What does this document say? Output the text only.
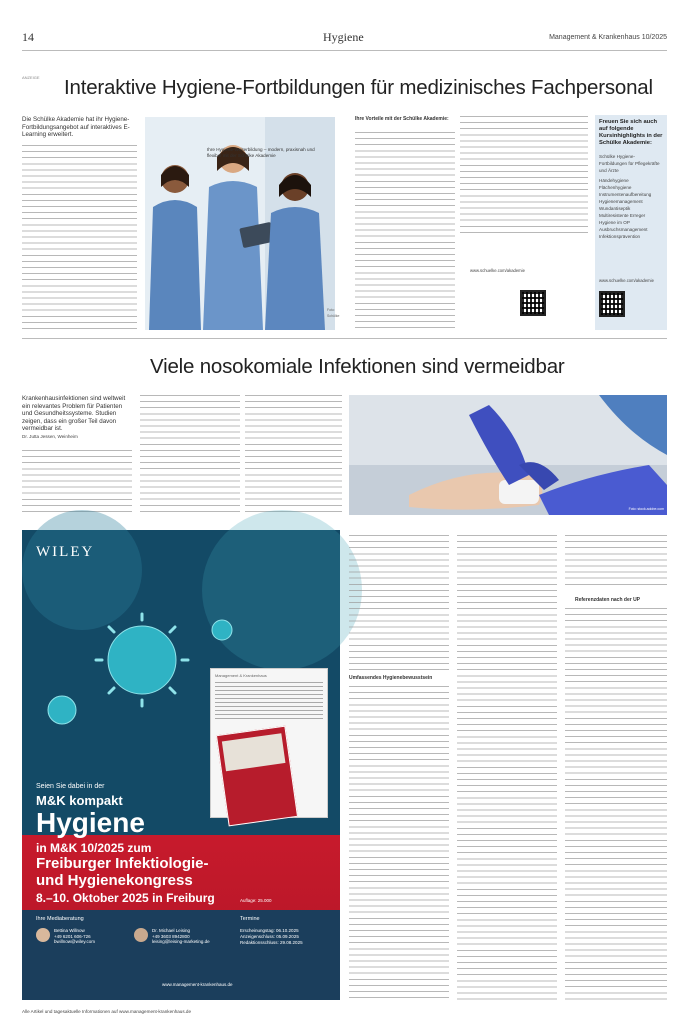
14	Hygiene	Management & Krankenhaus 10/2025
ANZEIGE Interaktive Hygiene-Fortbildungen für medizinisches Fachpersonal
Die Schülke Akademie hat ihr Hygiene-Fortbildungsangebot auf interaktives E-Learning erweitert.
Ihre Hygiene-Weiterbildung – modern, praxisnah und flexibel mit der Schülke Akademie
Foto: Schülke
Ihre Vorteile mit der Schülke Akademie:
www.schuelke.com/akademie
Freuen Sie sich auch auf folgende Kursinhighlights in der Schülke Akademie:
Schülke Hygiene-Fortbildungen für Pflegekräfte und Ärzte
Händehygiene
Flächenhygiene
Instrumentenaufbereitung
Hygienemanagement
Wundantiseptik
Multiresistente Erreger
Hygiene im OP
Ausbruchsmanagement
Infektionsprävention
www.schuelke.com/akademie
Viele nosokomiale Infektionen sind vermeidbar
Krankenhausinfektionen sind weltweit ein relevantes Problem für Patienten und Gesundheitssysteme. Studien zeigen, dass ein großer Teil davon vermeidbar ist.
Dr. Jutta Jessen, Weinheim
Foto: stock.adobe.com
WILEY
Management & Krankenhaus
Seien Sie dabei in der
M&K kompakt
Hygiene
in M&K 10/2025 zum
Freiburger Infektiologie-
und Hygienekongress
8.–10. Oktober 2025 in Freiburg
Ihre Mediaberatung	Termine
Bettina Willnow
+49 6201 606-726
bwillnow@wiley.com
Dr. Michael Leising
+49 3603 8942800
leising@leising-marketing.de
Erscheinungstag: 06.10.2025
Anzeigenschluss: 05.09.2025
Redaktionsschluss: 29.08.2025
Auflage: 25.000
www.management-krankenhaus.de
Umfassendes Hygienebewusstsein
Referenzdaten nach der UP
Alle Artikel und tagesaktuelle Informationen auf www.management-krankenhaus.de
